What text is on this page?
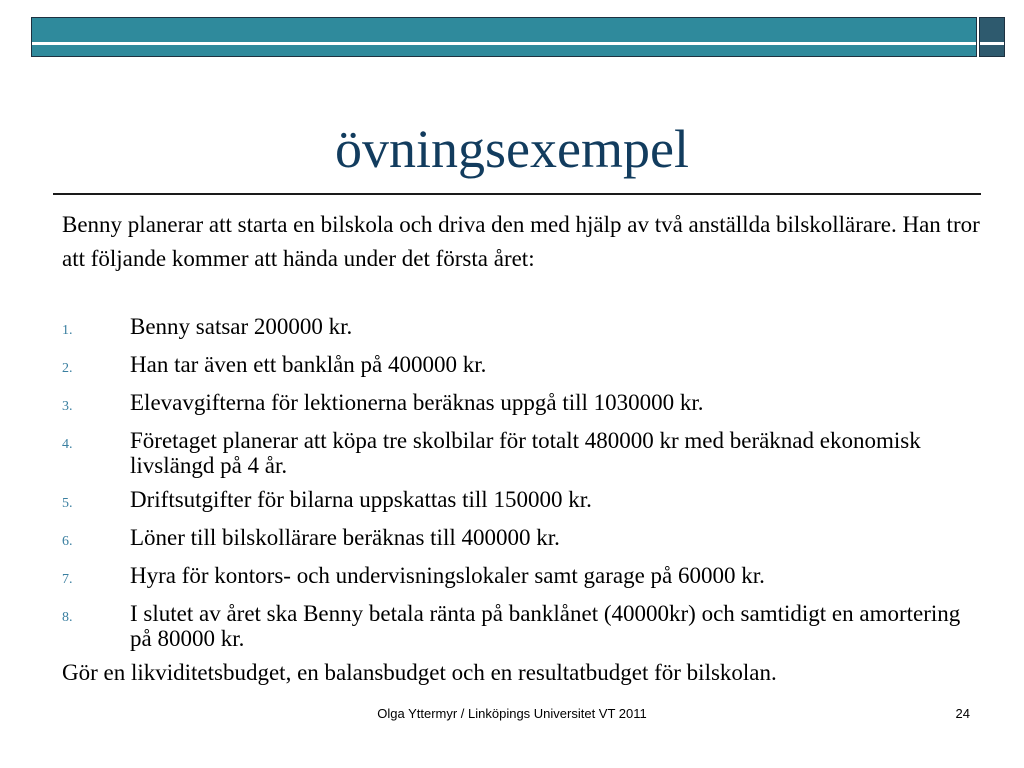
övningsexempel

Benny planerar att starta en bilskola och driva den med hjälp av två anställda bilskollärare. Han tror att följande kommer att hända under det första året:

1.	Benny satsar 200000 kr.
2.	Han tar även ett banklån på 400000 kr.
3.	Elevavgifterna för lektionerna beräknas uppgå till 1030000 kr.
4.	Företaget planerar att köpa tre skolbilar för totalt 480000 kr med beräknad ekonomisk livslängd på 4 år.
5.	Driftsutgifter för bilarna uppskattas till 150000 kr.
6.	Löner till bilskollärare beräknas till 400000 kr.
7.	Hyra för kontors- och undervisningslokaler samt garage på 60000 kr.
8.	I slutet av året ska Benny betala ränta på banklånet (40000kr) och samtidigt en amortering på 80000 kr.

Gör en likviditetsbudget, en balansbudget och en resultatbudget för bilskolan.

Olga Yttermyr / Linköpings Universitet VT 2011	24
